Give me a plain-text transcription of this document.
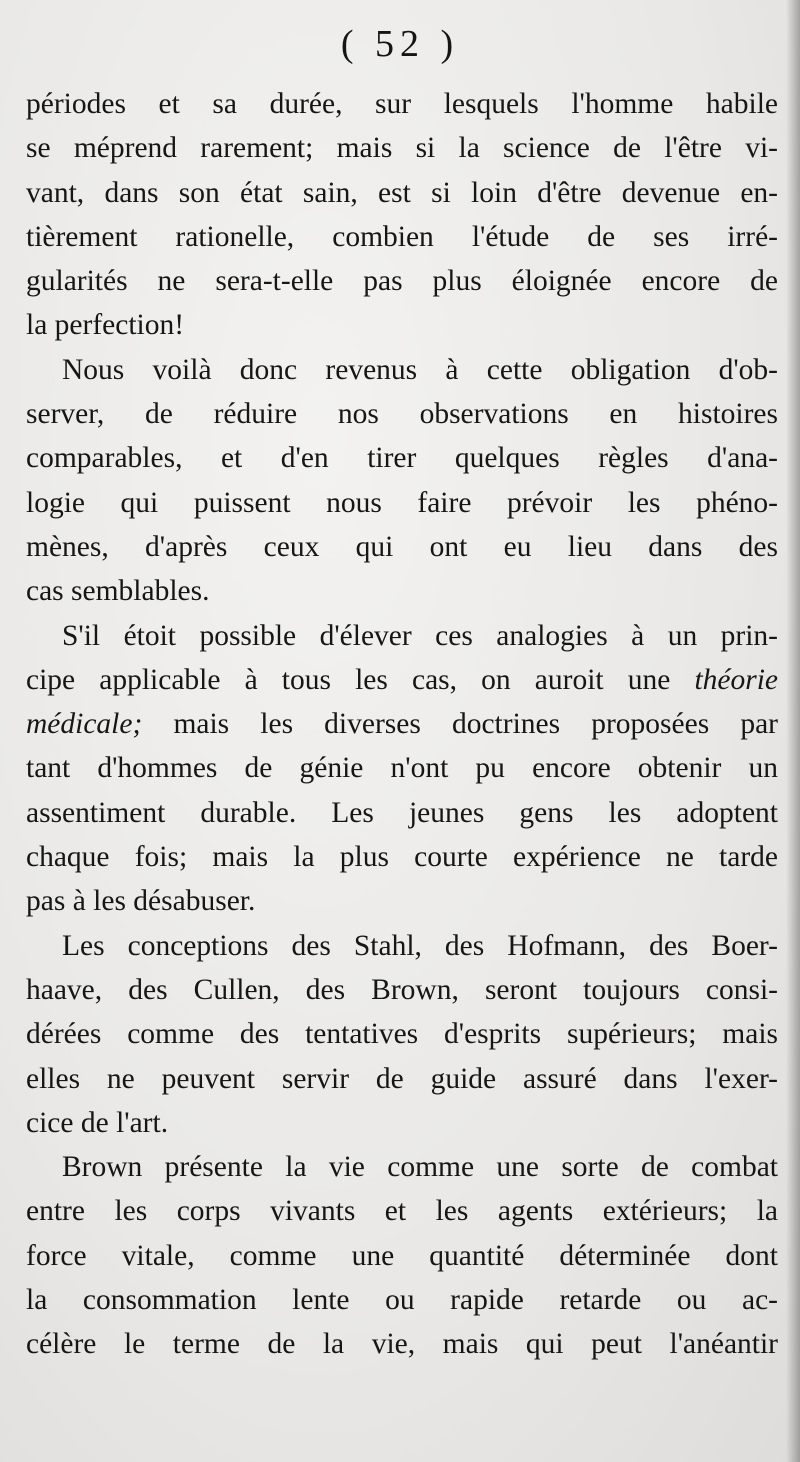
( 52 )
périodes et sa durée, sur lesquels l'homme habile
se méprend rarement; mais si la science de l'être vi-
vant, dans son état sain, est si loin d'être devenue en-
tièrement rationelle, combien l'étude de ses irré-
gularités ne sera-t-elle pas plus éloignée encore de
la perfection!
Nous voilà donc revenus à cette obligation d'ob-
server, de réduire nos observations en histoires
comparables, et d'en tirer quelques règles d'ana-
logie qui puissent nous faire prévoir les phéno-
mènes, d'après ceux qui ont eu lieu dans des
cas semblables.
S'il étoit possible d'élever ces analogies à un prin-
cipe applicable à tous les cas, on auroit une théorie
médicale; mais les diverses doctrines proposées par
tant d'hommes de génie n'ont pu encore obtenir un
assentiment durable. Les jeunes gens les adoptent
chaque fois; mais la plus courte expérience ne tarde
pas à les désabuser.
Les conceptions des Stahl, des Hofmann, des Boer-
haave, des Cullen, des Brown, seront toujours consi-
dérées comme des tentatives d'esprits supérieurs; mais
elles ne peuvent servir de guide assuré dans l'exer-
cice de l'art.
Brown présente la vie comme une sorte de combat
entre les corps vivants et les agents extérieurs; la
force vitale, comme une quantité déterminée dont
la consommation lente ou rapide retarde ou ac-
célère le terme de la vie, mais qui peut l'anéantir
